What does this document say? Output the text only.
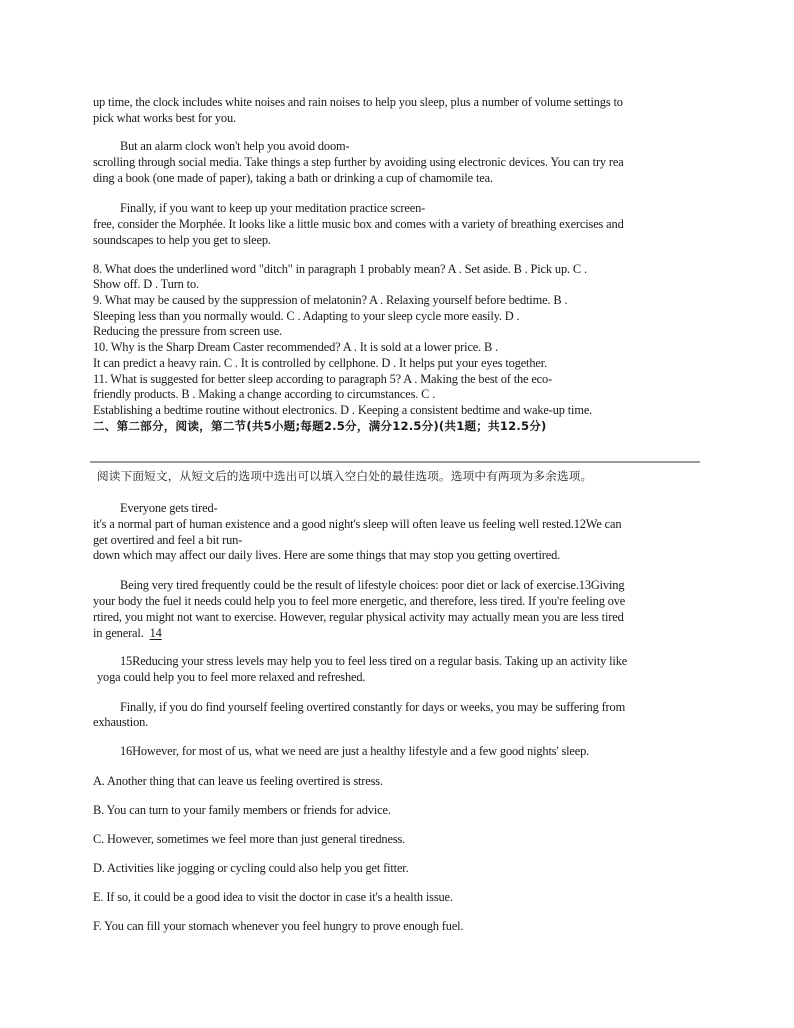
up time, the clock includes white noises and rain noises to help you sleep, plus a number of volume settings to
pick what works best for you.
But an alarm clock won't help you avoid doom-
scrolling through social media. Take things a step further by avoiding using electronic devices. You can try rea
ding a book (one made of paper), taking a bath or drinking a cup of chamomile tea.
Finally, if you want to keep up your meditation practice screen-
free, consider the Morphée. It looks like a little music box and comes with a variety of breathing exercises and
soundscapes to help you get to sleep.
8. What does the underlined word "ditch" in paragraph 1 probably mean? A . Set aside. B . Pick up. C .
Show off. D . Turn to.
9. What may be caused by the suppression of melatonin? A . Relaxing yourself before bedtime. B .
Sleeping less than you normally would. C . Adapting to your sleep cycle more easily. D .
Reducing the pressure from screen use.
10. Why is the Sharp Dream Caster recommended? A . It is sold at a lower price. B .
It can predict a heavy rain. C . It is controlled by cellphone. D . It helps put your eyes together.
11. What is suggested for better sleep according to paragraph 5? A . Making the best of the eco-
friendly products. B . Making a change according to circumstances. C .
Establishing a bedtime routine without electronics. D . Keeping a consistent bedtime and wake-up time.
二、第二部分，阅读，第二节(共5小题;每题2.5分，满分12.5分)(共1题；共12.5分)
阅读下面短文，从短文后的选项中选出可以填入空白处的最佳选项。选项中有两项为多余选项。
Everyone gets tired-
it's a normal part of human existence and a good night's sleep will often leave us feeling well rested.12We can
get overtired and feel a bit run-
down which may affect our daily lives. Here are some things that may stop you getting overtired.
Being very tired frequently could be the result of lifestyle choices: poor diet or lack of exercise.13Giving
your body the fuel it needs could help you to feel more energetic, and therefore, less tired. If you're feeling ove
rtired, you might not want to exercise. However, regular physical activity may actually mean you are less tired
in general. 14
15Reducing your stress levels may help you to feel less tired on a regular basis. Taking up an activity like
yoga could help you to feel more relaxed and refreshed.
Finally, if you do find yourself feeling overtired constantly for days or weeks, you may be suffering from
exhaustion.
16However, for most of us, what we need are just a healthy lifestyle and a few good nights' sleep.
A. Another thing that can leave us feeling overtired is stress.
B. You can turn to your family members or friends for advice.
C. However, sometimes we feel more than just general tiredness.
D. Activities like jogging or cycling could also help you get fitter.
E. If so, it could be a good idea to visit the doctor in case it's a health issue.
F. You can fill your stomach whenever you feel hungry to prove enough fuel.
